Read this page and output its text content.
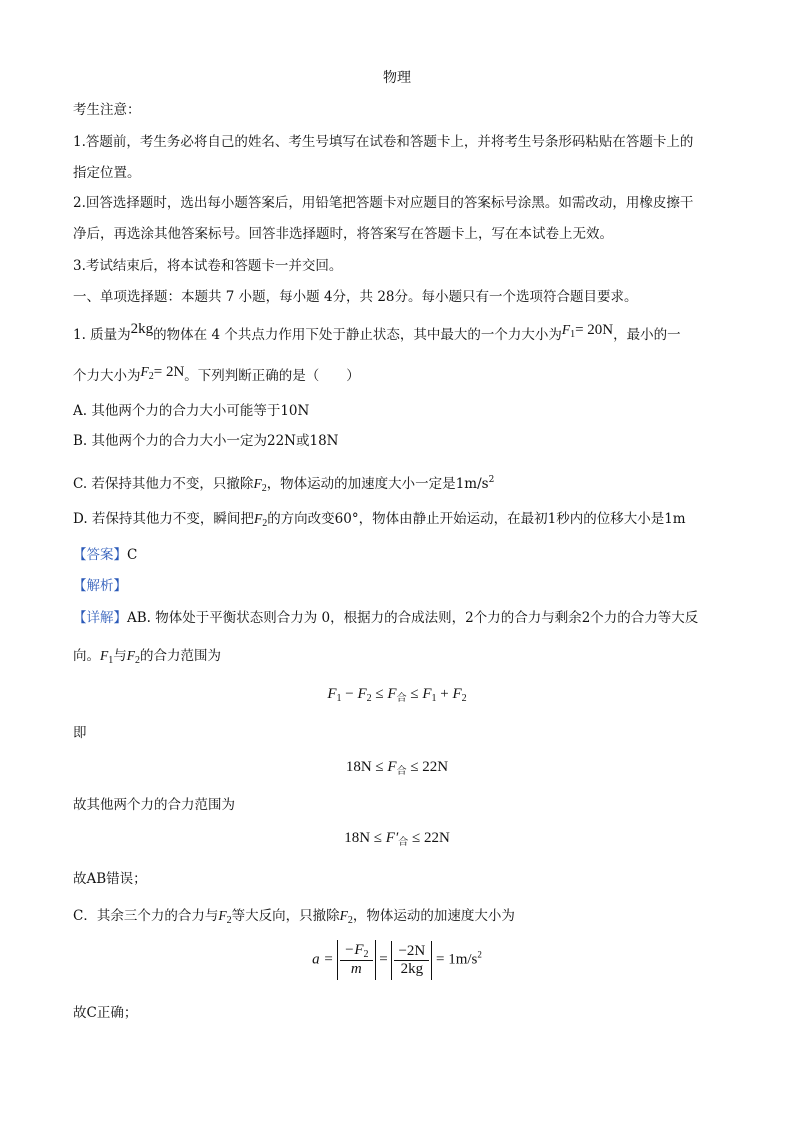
物理
考生注意：
1.答题前，考生务必将自己的姓名、考生号填写在试卷和答题卡上，并将考生号条形码粘贴在答题卡上的
指定位置。
2.回答选择题时，选出每小题答案后，用铅笔把答题卡对应题目的答案标号涂黑。如需改动，用橡皮擦干
净后，再选涂其他答案标号。回答非选择题时，将答案写在答题卡上，写在本试卷上无效。
3.考试结束后，将本试卷和答题卡一并交回。
一、单项选择题：本题共 7 小题，每小题 4分，共 28分。每小题只有一个选项符合题目要求。
1. 质量为2kg的物体在 4 个共点力作用下处于静止状态，其中最大的一个力大小为$F_1= 20N$，最小的一
个力大小为$F_2= 2N$。下列判断正确的是（　　）
A. 其他两个力的合力大小可能等于10N
B. 其他两个力的合力大小一定为22N或18N
C. 若保持其他力不变，只撤除$F_2$，物体运动的加速度大小一定是$1m/s^2$
D. 若保持其他力不变，瞬间把$F_2$的方向改变60°，物体由静止开始运动，在最初1秒内的位移大小是1m
【答案】C
【解析】
【详解】AB. 物体处于平衡状态则合力为 0，根据力的合成法则，2个力的合力与剩余2个力的合力等大反
向。$F_1$与$F_2$的合力范围为
$F_1 - F_2 \le F_合 \le F_1 + F_2$
即
$18N \le F_合 \le 22N$
故其他两个力的合力范围为
$18N \le F'_合 \le 22N$
故AB错误；
C．其余三个力的合力与$F_2$等大反向，只撤除$F_2$，物体运动的加速度大小为
$a = \frac{-F_2}{m} = \frac{-2N}{2kg} = 1m/s^2$
故C正确；
